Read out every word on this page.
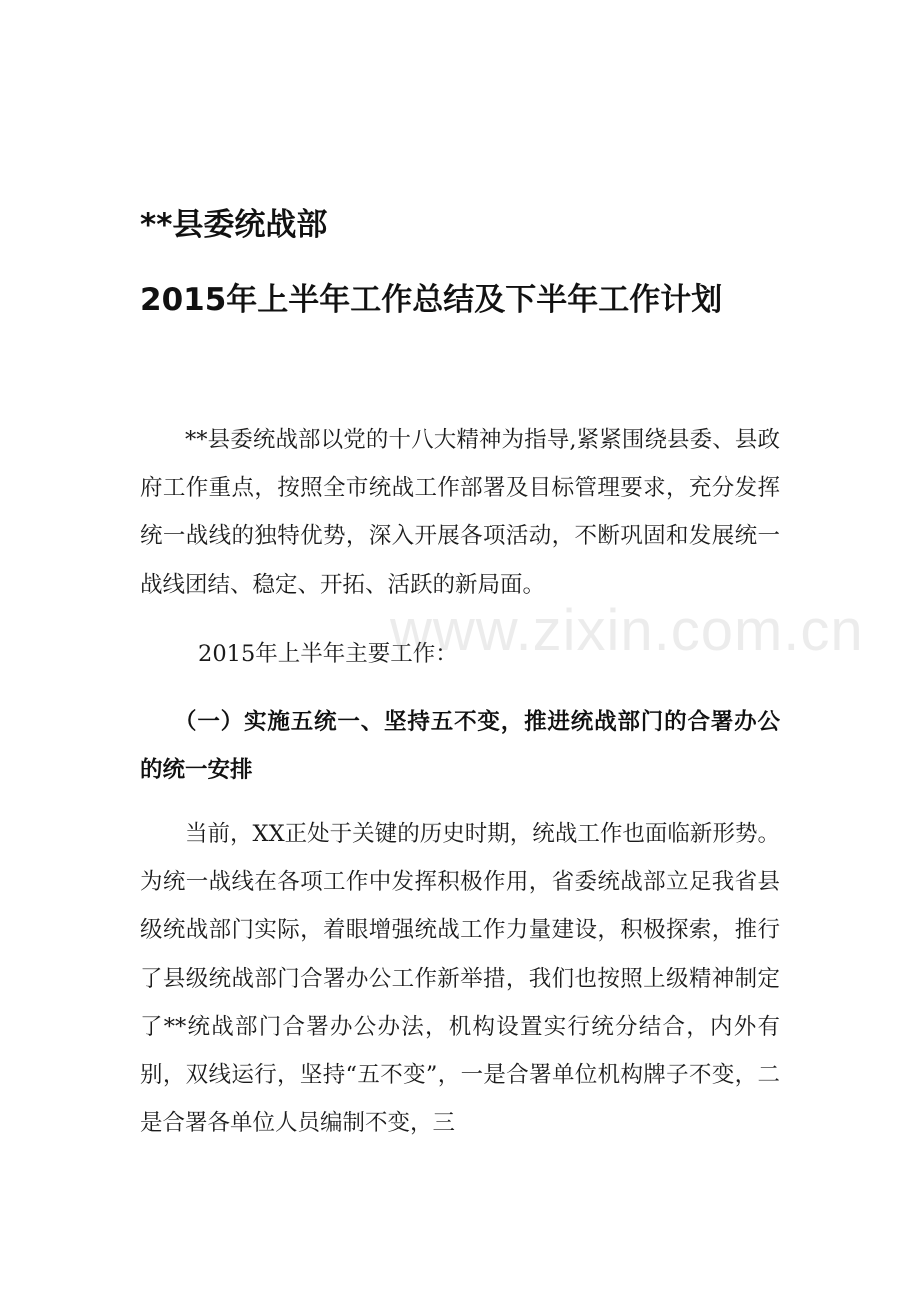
**县委统战部
2015年上半年工作总结及下半年工作计划

**县委统战部以党的十八大精神为指导,紧紧围绕县委、县政府工作重点，按照全市统战工作部署及目标管理要求，充分发挥统一战线的独特优势，深入开展各项活动，不断巩固和发展统一战线团结、稳定、开拓、活跃的新局面。

2015年上半年主要工作：

（一）实施五统一、坚持五不变，推进统战部门的合署办公的统一安排

当前，XX正处于关键的历史时期，统战工作也面临新形势。为统一战线在各项工作中发挥积极作用，省委统战部立足我省县级统战部门实际，着眼增强统战工作力量建设，积极探索，推行了县级统战部门合署办公工作新举措，我们也按照上级精神制定了**统战部门合署办公办法，机构设置实行统分结合，内外有别，双线运行，坚持“五不变”，一是合署单位机构牌子不变，二是合署各单位人员编制不变，三

www.zixin.com.cn
